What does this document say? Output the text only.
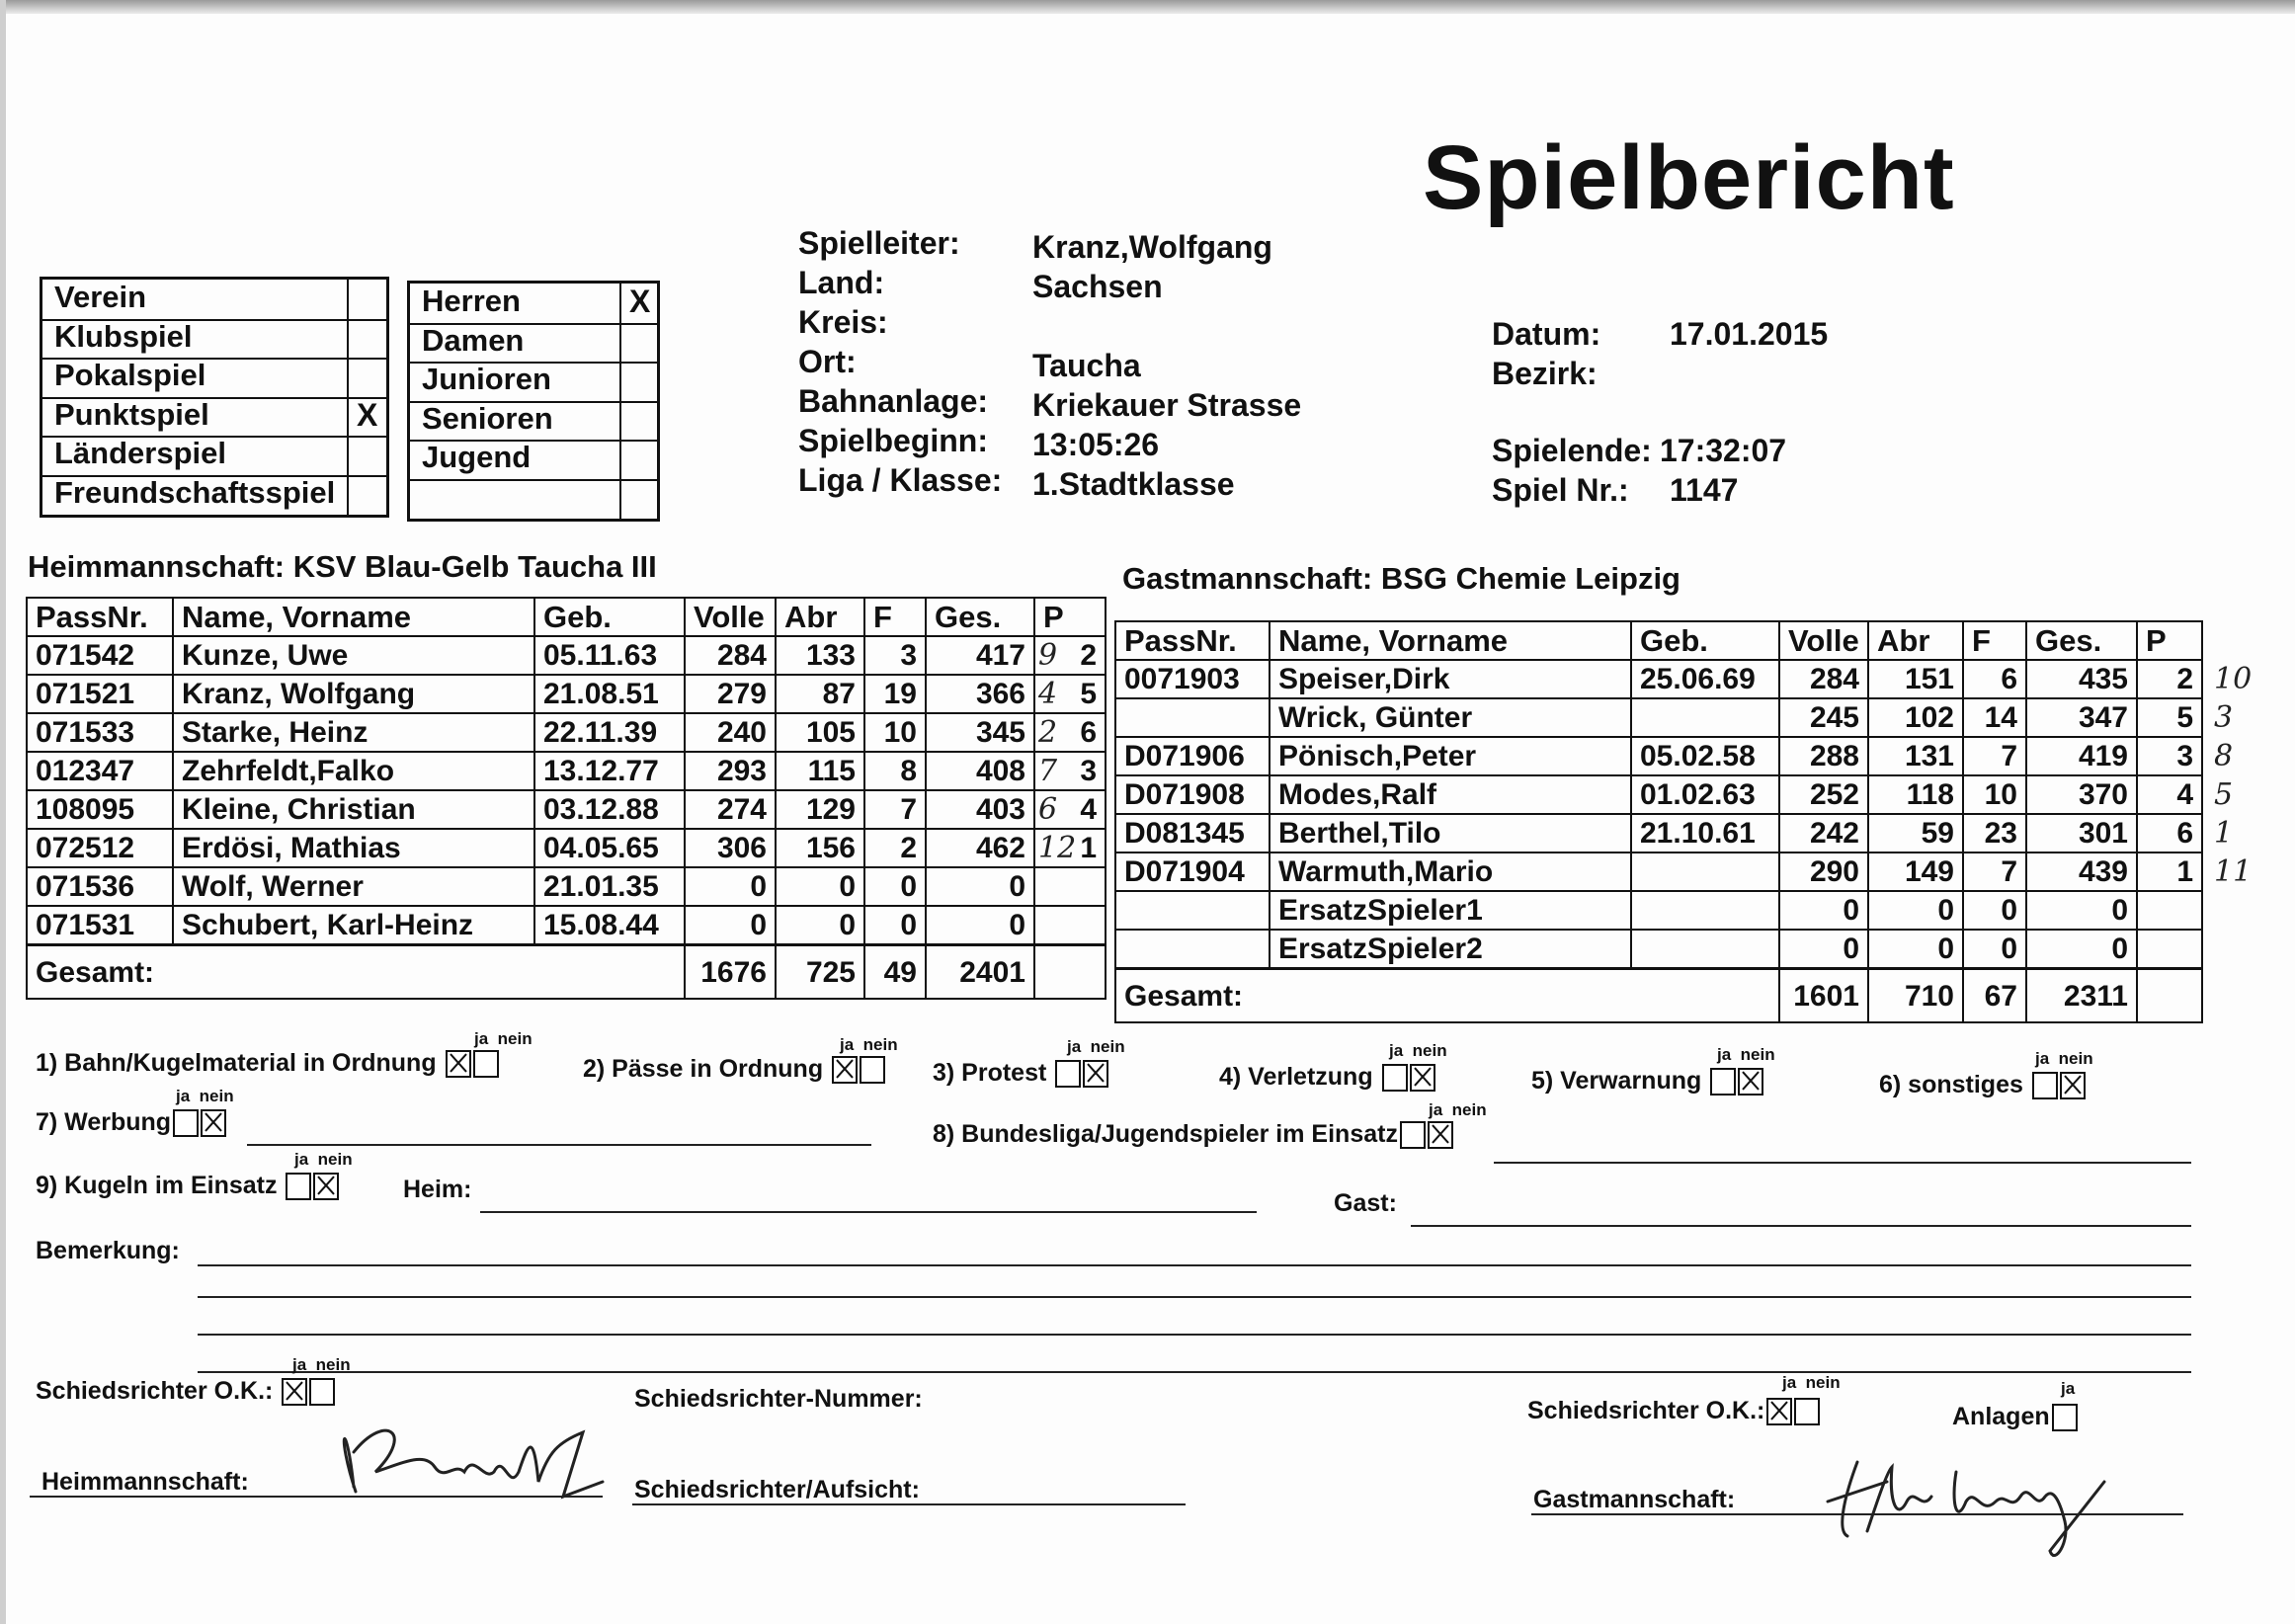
Spielbericht
Verein
Klubspiel
Pokalspiel
Punktspiel	X
Länderspiel
Freundschaftsspiel
Herren	X
Damen
Junioren
Senioren
Jugend
Spielleiter: Kranz,Wolfgang
Land:	Sachsen
Kreis:
Ort:	Taucha
Bahnanlage: Kriekauer Strasse
Spielbeginn: 13:05:26
Liga / Klasse: 1.Stadtklasse
Datum: 17.01.2015
Bezirk:
Spielende: 17:32:07
Spiel Nr.: 1147
Heimmannschaft: KSV Blau-Gelb Taucha III	Gastmannschaft: BSG Chemie Leipzig
PassNr.	Name, Vorname	Geb.	Volle	Abr	F	Ges.	P
071542	Kunze, Uwe	05.11.63	284	133	3	417	2
071521	Kranz, Wolfgang	21.08.51	279	87	19	366	5
071533	Starke, Heinz	22.11.39	240	105	10	345	6
012347	Zehrfeldt,Falko	13.12.77	293	115	8	408	3
108095	Kleine, Christian	03.12.88	274	129	7	403	4
072512	Erdösi, Mathias	04.05.65	306	156	2	462	1
071536	Wolf, Werner	21.01.35	0	0	0	0	
071531	Schubert, Karl-Heinz	15.08.44	0	0	0	0	
Gesamt:			1676	725	49	2401	
PassNr.	Name, Vorname	Geb.	Volle	Abr	F	Ges.	P
0071903	Speiser,Dirk	25.06.69	284	151	6	435	2
	Wrick, Günter		245	102	14	347	5
D071906	Pönisch,Peter	05.02.58	288	131	7	419	3
D071908	Modes,Ralf	01.02.63	252	118	10	370	4
D081345	Berthel,Tilo	21.10.61	242	59	23	301	6
D071904	Warmuth,Mario		290	149	7	439	1
	ErsatzSpieler1		0	0	0	0	
	ErsatzSpieler2		0	0	0	0	
Gesamt:			1601	710	67	2311	
9
4
2
7
6
12
10
3
8
5
1
11
1) Bahn/Kugelmaterial in Ordnung
ja nein
2) Pässe in Ordnung
ja nein
3) Protest
ja nein
4) Verletzung
ja nein
5) Verwarnung
ja nein
6) sonstiges
ja nein
7) Werbung
ja nein
8) Bundesliga/Jugendspieler im Einsatz
ja nein
9) Kugeln im Einsatz
ja nein
Heim:	Gast:
Bemerkung:
Schiedsrichter O.K.:
ja nein
Schiedsrichter-Nummer:	Schiedsrichter O.K.:
ja nein
Anlagen
ja
Heimmannschaft:	Schiedsrichter/Aufsicht:	Gastmannschaft:
